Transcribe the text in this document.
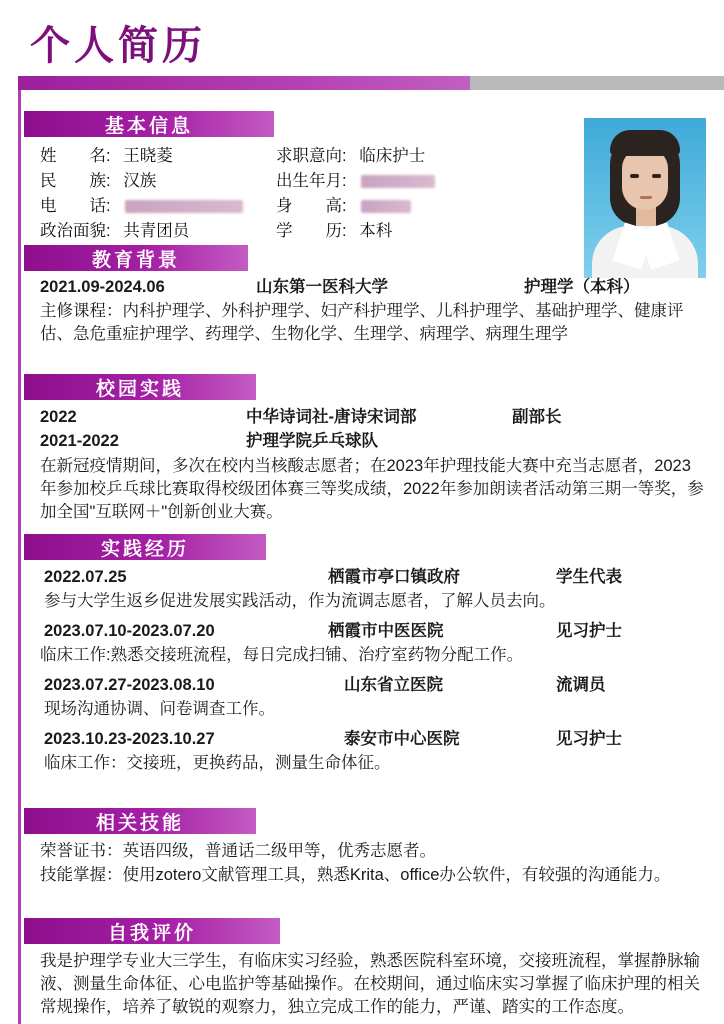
个人简历
基本信息
姓　　名: 王晓菱
民　　族: 汉族
电　　话:
政治面貌: 共青团员
求职意向: 临床护士
出生年月:
身　　高:
学　　历: 本科
教育背景
2021.09-2024.06	山东第一医科大学	护理学（本科）
主修课程：内科护理学、外科护理学、妇产科护理学、儿科护理学、基础护理学、健康评估、急危重症护理学、药理学、生物化学、生理学、病理学、病理生理学
校园实践
2022	中华诗词社-唐诗宋词部	副部长
2021-2022	护理学院乒乓球队
在新冠疫情期间，多次在校内当核酸志愿者；在2023年护理技能大赛中充当志愿者，2023年参加校乒乓球比赛取得校级团体赛三等奖成绩，2022年参加朗读者活动第三期一等奖，参加全国"互联网＋"创新创业大赛。
实践经历
2022.07.25	栖霞市亭口镇政府	学生代表
参与大学生返乡促进发展实践活动，作为流调志愿者，了解人员去向。
2023.07.10-2023.07.20	栖霞市中医医院	见习护士
临床工作:熟悉交接班流程，每日完成扫铺、治疗室药物分配工作。
2023.07.27-2023.08.10	山东省立医院	流调员
现场沟通协调、问卷调查工作。
2023.10.23-2023.10.27	泰安市中心医院	见习护士
临床工作：交接班，更换药品，测量生命体征。
相关技能
荣誉证书：英语四级，普通话二级甲等，优秀志愿者。
技能掌握：使用zotero文献管理工具，熟悉Krita、office办公软件，有较强的沟通能力。
自我评价
我是护理学专业大三学生，有临床实习经验，熟悉医院科室环境，交接班流程，掌握静脉输液、测量生命体征、心电监护等基础操作。在校期间，通过临床实习掌握了临床护理的相关常规操作，培养了敏锐的观察力，独立完成工作的能力，严谨、踏实的工作态度。
